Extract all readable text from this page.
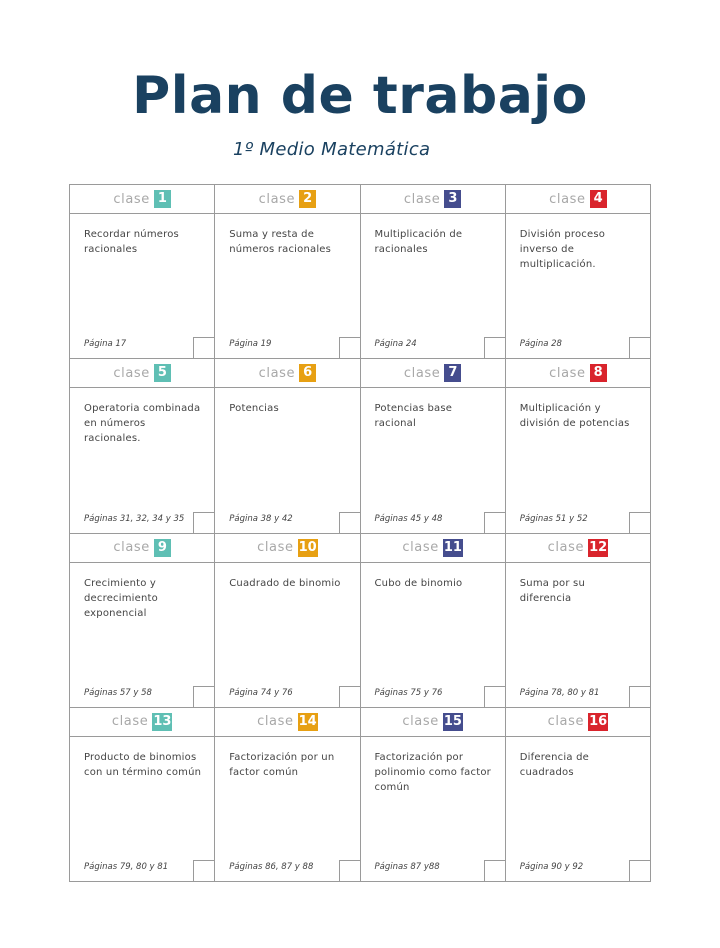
Plan de trabajo
1º Medio Matemática
clase 1
Recordar números racionales
Página 17
clase 2
Suma y resta de números racionales
Página 19
clase 3
Multiplicación de racionales
Página 24
clase 4
División proceso inverso de multiplicación.
Página 28
clase 5
Operatoria combinada en números racionales.
Páginas 31, 32, 34 y 35
clase 6
Potencias
Página 38 y 42
clase 7
Potencias base racional
Páginas 45 y 48
clase 8
Multiplicación y división de potencias
Páginas 51 y 52
clase 9
Crecimiento y decrecimiento exponencial
Páginas 57 y 58
clase 10
Cuadrado de binomio
Página 74 y 76
clase 11
Cubo de binomio
Páginas 75 y 76
clase 12
Suma por su diferencia
Página 78, 80 y 81
clase 13
Producto de binomios con un término común
Páginas 79, 80 y 81
clase 14
Factorización por un factor común
Páginas 86, 87 y 88
clase 15
Factorización por polinomio como factor común
Páginas 87 y88
clase 16
Diferencia de cuadrados
Página 90 y 92
